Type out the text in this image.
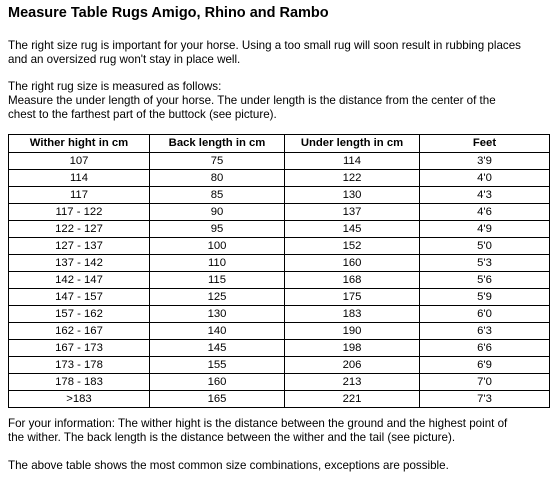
Measure Table Rugs Amigo, Rhino and Rambo

The right size rug is important for your horse. Using a too small rug will soon result in rubbing places

and an oversized rug won't stay in place well.

The right rug size is measured as follows:

Measure the under length of your horse. The under length is the distance from the center of the

chest to the farthest part of the buttock (see picture).

Wither hight in cm	Back length in cm	Under length in cm	Feet
107	75	114	3'9
114	80	122	4'0
117	85	130	4'3
117 - 122	90	137	4'6
122 - 127	95	145	4'9
127 - 137	100	152	5'0
137 - 142	110	160	5'3
142 - 147	115	168	5'6
147 - 157	125	175	5'9
157 - 162	130	183	6'0
162 - 167	140	190	6'3
167 - 173	145	198	6'6
173 - 178	155	206	6'9
178 - 183	160	213	7'0
>183	165	221	7'3

For your information: The wither hight is the distance between the ground and the highest point of

the wither. The back length is the distance between the wither and the tail (see picture).

The above table shows the most common size combinations, exceptions are possible.
